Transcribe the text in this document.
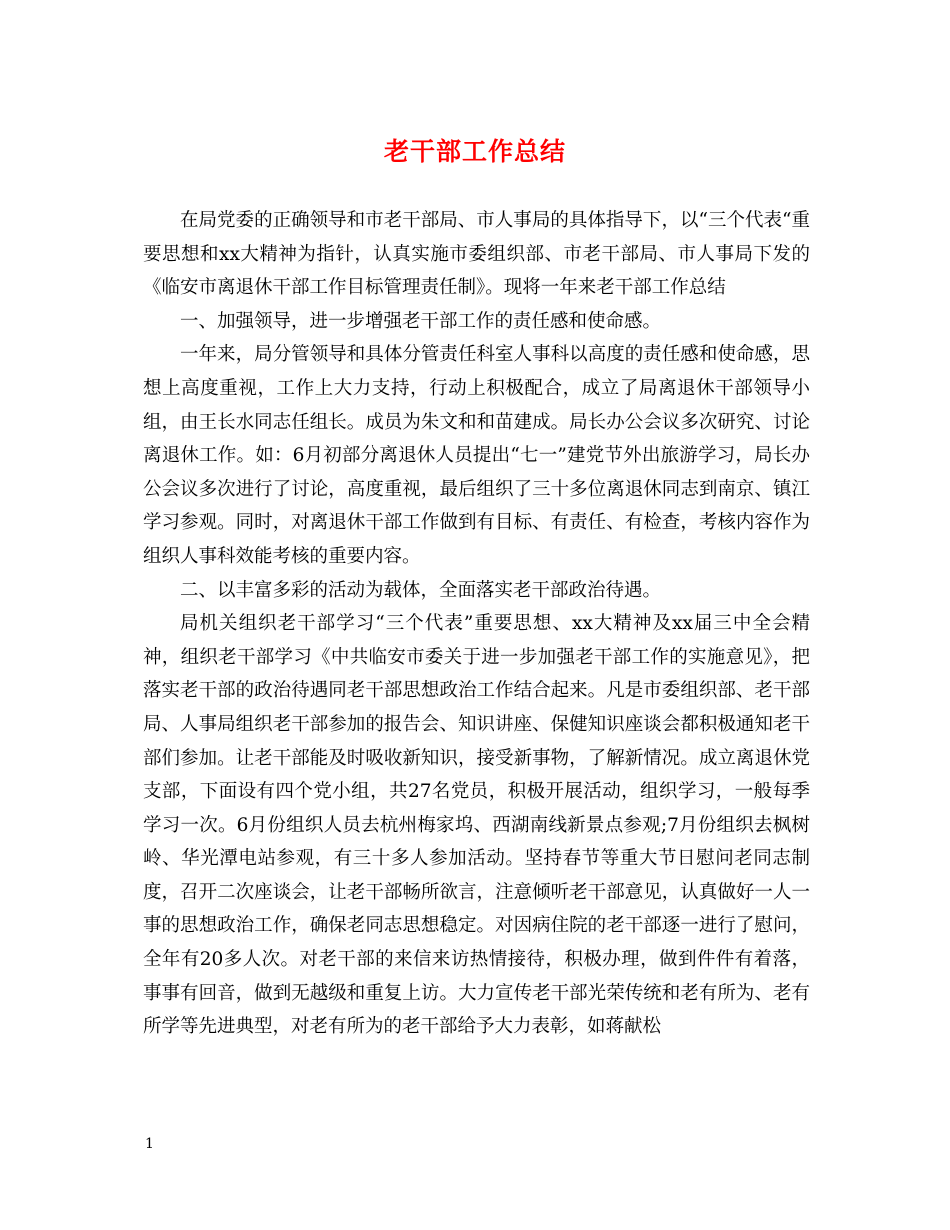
老干部工作总结

在局党委的正确领导和市老干部局、市人事局的具体指导下，以“三个代表“重要思想和xx大精神为指针，认真实施市委组织部、市老干部局、市人事局下发的《临安市离退休干部工作目标管理责任制》。现将一年来老干部工作总结

一、加强领导，进一步增强老干部工作的责任感和使命感。

一年来，局分管领导和具体分管责任科室人事科以高度的责任感和使命感，思想上高度重视，工作上大力支持，行动上积极配合，成立了局离退休干部领导小组，由王长水同志任组长。成员为朱文和和苗建成。局长办公会议多次研究、讨论离退休工作。如：6月初部分离退休人员提出“七一”建党节外出旅游学习，局长办公会议多次进行了讨论，高度重视，最后组织了三十多位离退休同志到南京、镇江学习参观。同时，对离退休干部工作做到有目标、有责任、有检查，考核内容作为组织人事科效能考核的重要内容。

二、以丰富多彩的活动为载体，全面落实老干部政治待遇。

局机关组织老干部学习“三个代表”重要思想、xx大精神及xx届三中全会精神，组织老干部学习《中共临安市委关于进一步加强老干部工作的实施意见》，把落实老干部的政治待遇同老干部思想政治工作结合起来。凡是市委组织部、老干部局、人事局组织老干部参加的报告会、知识讲座、保健知识座谈会都积极通知老干部们参加。让老干部能及时吸收新知识，接受新事物，了解新情况。成立离退休党支部，下面设有四个党小组，共27名党员，积极开展活动，组织学习，一般每季学习一次。6月份组织人员去杭州梅家坞、西湖南线新景点参观;7月份组织去枫树岭、华光潭电站参观，有三十多人参加活动。坚持春节等重大节日慰问老同志制度，召开二次座谈会，让老干部畅所欲言，注意倾听老干部意见，认真做好一人一事的思想政治工作，确保老同志思想稳定。对因病住院的老干部逐一进行了慰问，全年有20多人次。对老干部的来信来访热情接待，积极办理，做到件件有着落，事事有回音，做到无越级和重复上访。大力宣传老干部光荣传统和老有所为、老有所学等先进典型，对老有所为的老干部给予大力表彰，如蒋献松

1
